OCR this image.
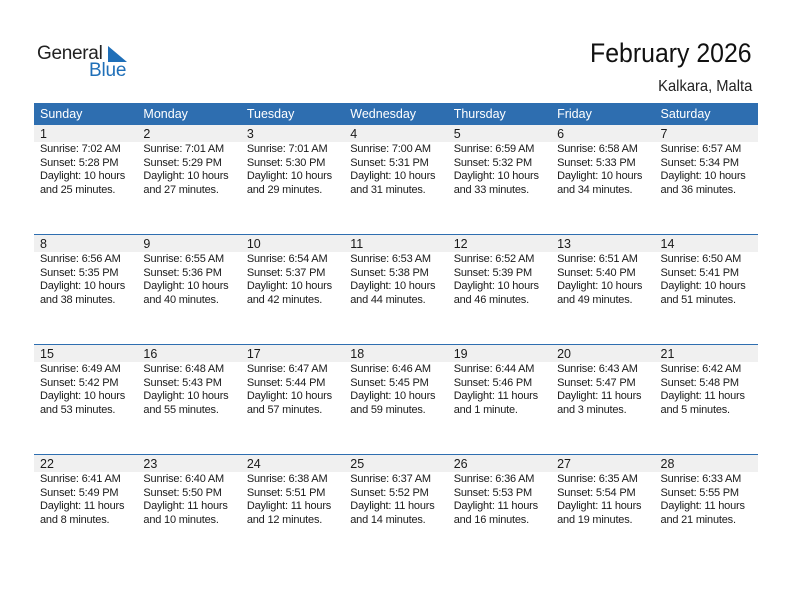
General
Blue
February 2026
Kalkara, Malta
Sunday	Monday	Tuesday	Wednesday	Thursday	Friday	Saturday
1	2	3	4	5	6	7
Sunrise: 7:02 AM
Sunset: 5:28 PM
Daylight: 10 hours
and 25 minutes.
Sunrise: 7:01 AM
Sunset: 5:29 PM
Daylight: 10 hours
and 27 minutes.
Sunrise: 7:01 AM
Sunset: 5:30 PM
Daylight: 10 hours
and 29 minutes.
Sunrise: 7:00 AM
Sunset: 5:31 PM
Daylight: 10 hours
and 31 minutes.
Sunrise: 6:59 AM
Sunset: 5:32 PM
Daylight: 10 hours
and 33 minutes.
Sunrise: 6:58 AM
Sunset: 5:33 PM
Daylight: 10 hours
and 34 minutes.
Sunrise: 6:57 AM
Sunset: 5:34 PM
Daylight: 10 hours
and 36 minutes.
8	9	10	11	12	13	14
Sunrise: 6:56 AM
Sunset: 5:35 PM
Daylight: 10 hours
and 38 minutes.
Sunrise: 6:55 AM
Sunset: 5:36 PM
Daylight: 10 hours
and 40 minutes.
Sunrise: 6:54 AM
Sunset: 5:37 PM
Daylight: 10 hours
and 42 minutes.
Sunrise: 6:53 AM
Sunset: 5:38 PM
Daylight: 10 hours
and 44 minutes.
Sunrise: 6:52 AM
Sunset: 5:39 PM
Daylight: 10 hours
and 46 minutes.
Sunrise: 6:51 AM
Sunset: 5:40 PM
Daylight: 10 hours
and 49 minutes.
Sunrise: 6:50 AM
Sunset: 5:41 PM
Daylight: 10 hours
and 51 minutes.
15	16	17	18	19	20	21
Sunrise: 6:49 AM
Sunset: 5:42 PM
Daylight: 10 hours
and 53 minutes.
Sunrise: 6:48 AM
Sunset: 5:43 PM
Daylight: 10 hours
and 55 minutes.
Sunrise: 6:47 AM
Sunset: 5:44 PM
Daylight: 10 hours
and 57 minutes.
Sunrise: 6:46 AM
Sunset: 5:45 PM
Daylight: 10 hours
and 59 minutes.
Sunrise: 6:44 AM
Sunset: 5:46 PM
Daylight: 11 hours
and 1 minute.
Sunrise: 6:43 AM
Sunset: 5:47 PM
Daylight: 11 hours
and 3 minutes.
Sunrise: 6:42 AM
Sunset: 5:48 PM
Daylight: 11 hours
and 5 minutes.
22	23	24	25	26	27	28
Sunrise: 6:41 AM
Sunset: 5:49 PM
Daylight: 11 hours
and 8 minutes.
Sunrise: 6:40 AM
Sunset: 5:50 PM
Daylight: 11 hours
and 10 minutes.
Sunrise: 6:38 AM
Sunset: 5:51 PM
Daylight: 11 hours
and 12 minutes.
Sunrise: 6:37 AM
Sunset: 5:52 PM
Daylight: 11 hours
and 14 minutes.
Sunrise: 6:36 AM
Sunset: 5:53 PM
Daylight: 11 hours
and 16 minutes.
Sunrise: 6:35 AM
Sunset: 5:54 PM
Daylight: 11 hours
and 19 minutes.
Sunrise: 6:33 AM
Sunset: 5:55 PM
Daylight: 11 hours
and 21 minutes.
